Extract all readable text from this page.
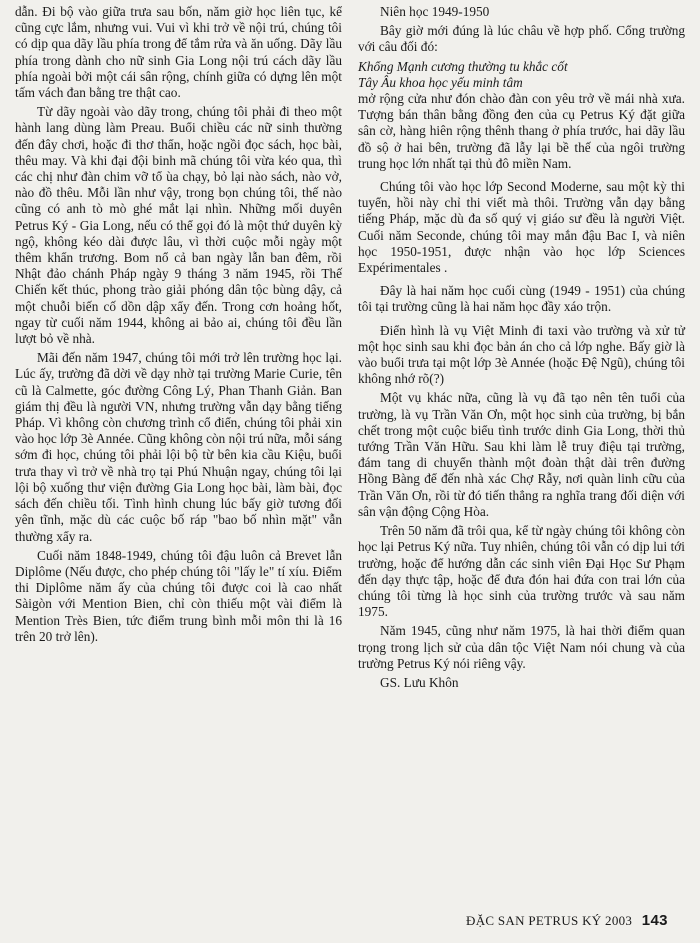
dẫn. Đi bộ vào giữa trưa sau bốn, năm giờ học liên tục, kể cũng cực lắm, nhưng vui. Vui vì khi trở về nội trú, chúng tôi có dịp qua dãy lầu phía trong để tắm rửa và ăn uống. Dãy lầu phía trong dành cho nữ sinh Gia Long nội trú cách dãy lầu phía ngoài bởi một cái sân rộng, chính giữa có dựng lên một tấm vách đan bằng tre thật cao.

Từ dãy ngoài vào dãy trong, chúng tôi phải đi theo một hành lang dùng làm Preau. Buổi chiều các nữ sinh thường đến đây chơi, hoặc đi thơ thẩn, hoặc ngồi đọc sách, học bài, thêu may. Và khi đại đội binh mã chúng tôi vừa kéo qua, thì các chị như đàn chim vỡ tổ ùa chạy, bỏ lại nào sách, nào vở, nào đồ thêu. Mỗi lần như vậy, trong bọn chúng tôi, thế nào cũng có anh tò mò ghé mắt lại nhìn. Những mối duyên Petrus Ký - Gia Long, nếu có thể gọi đó là một thứ duyên kỳ ngộ, không kéo dài được lâu, vì thời cuộc mỗi ngày một thêm khẩn trương. Bom nổ cả ban ngày lẫn ban đêm, rồi Nhật đảo chánh Pháp ngày 9 tháng 3 năm 1945, rồi Thế Chiến kết thúc, phong trào giải phóng dân tộc bùng dậy, cả một chuỗi biến cố dồn dập xẩy đến. Trong cơn hoảng hốt, ngay từ cuối năm 1944, không ai bảo ai, chúng tôi đều lần lượt bỏ về nhà.

Mãi đến năm 1947, chúng tôi mới trở lên trường học lại. Lúc ấy, trường đã dời về dạy nhờ tại trường Marie Curie, tên cũ là Calmette, góc đường Công Lý, Phan Thanh Giản. Ban giám thị đều là người VN, nhưng trường vẫn dạy bằng tiếng Pháp. Vì không còn chương trình cổ điển, chúng tôi phải xin vào học lớp 3è Année. Cũng không còn nội trú nữa, mỗi sáng sớm đi học, chúng tôi phải lội bộ từ bên kia cầu Kiệu, buổi trưa thay vì trở về nhà trọ tại Phú Nhuận ngay, chúng tôi lại lội bộ xuống thư viện đường Gia Long học bài, làm bài, đọc sách đến chiều tối. Tình hình chung lúc bấy giờ tương đối yên tĩnh, mặc dù các cuộc bố ráp "bao bố nhìn mặt" vẫn thường xẩy ra.

Cuối năm 1848-1949, chúng tôi đậu luôn cả Brevet lẫn Diplôme (Nếu được, cho phép chúng tôi "lấy le" tí xíu. Điểm thi Diplôme năm ấy của chúng tôi được coi là cao nhất Sàigòn với Mention Bien, chỉ còn thiếu một vài điểm là Mention Très Bien, tức điểm trung bình mỗi môn thi là 16 trên 20 trở lên).

Niên học 1949-1950

Bây giờ mới đúng là lúc châu về hợp phố. Cổng trường với câu đối đó:

Khổng Mạnh cương thường tu khắc cốt

Tây Âu khoa học yếu minh tâm

mở rộng cửa như đón chào đàn con yêu trở về mái nhà xưa. Tượng bán thân bằng đồng đen của cụ Petrus Ký đặt giữa sân cờ, hàng hiên rộng thênh thang ở phía trước, hai dãy lầu đồ sộ ở hai bên, trường đã lẫy lại bề thế của ngôi trường trung học lớn nhất tại thủ đô miền Nam.

Chúng tôi vào học lớp Second Moderne, sau một kỳ thi tuyển, hồi này chỉ thi viết mà thôi. Trường vẫn dạy bằng tiếng Pháp, mặc dù đa số quý vị giáo sư đều là người Việt. Cuối năm Seconde, chúng tôi may mắn đậu Bac I, và niên học 1950-1951, được nhận vào học lớp Sciences Expérimentales .

Đây là hai năm học cuối cùng (1949 - 1951) của chúng tôi tại trường cũng là hai năm học đầy xáo trộn.

Điển hình là vụ Việt Minh đi taxi vào trường và xử tử một học sinh sau khi đọc bản án cho cả lớp nghe. Bấy giờ là vào buổi trưa tại một lớp 3è Année (hoặc Đệ Ngũ), chúng tôi không nhớ rõ(?)

Một vụ khác nữa, cũng là vụ đã tạo nên tên tuổi của trường, là vụ Trần Văn Ơn, một học sinh của trường, bị bắn chết trong một cuộc biểu tình trước dinh Gia Long, thời thủ tướng Trần Văn Hữu. Sau khi làm lễ truy điệu tại trường, đám tang di chuyển thành một đoàn thật dài trên đường Hồng Bàng để đến nhà xác Chợ Rẫy, nơi quàn linh cữu của Trần Văn Ơn, rồi từ đó tiến thẳng ra nghĩa trang đối diện với sân vận động Cộng Hòa.

Trên 50 năm đã trôi qua, kể từ ngày chúng tôi không còn học lại Petrus Ký nữa. Tuy nhiên, chúng tôi vẫn có dịp lui tới trường, hoặc để hướng dẫn các sinh viên Đại Học Sư Phạm đến dạy thực tập, hoặc để đưa đón hai đứa con trai lớn của chúng tôi từng là học sinh của trường trước và sau năm 1975.

Năm 1945, cũng như năm 1975, là hai thời điểm quan trọng trong lịch sử của dân tộc Việt Nam nói chung và của trường Petrus Ký nói riêng vậy.

GS. Lưu Khôn

ĐẶC SAN PETRUS KÝ 2003 143
